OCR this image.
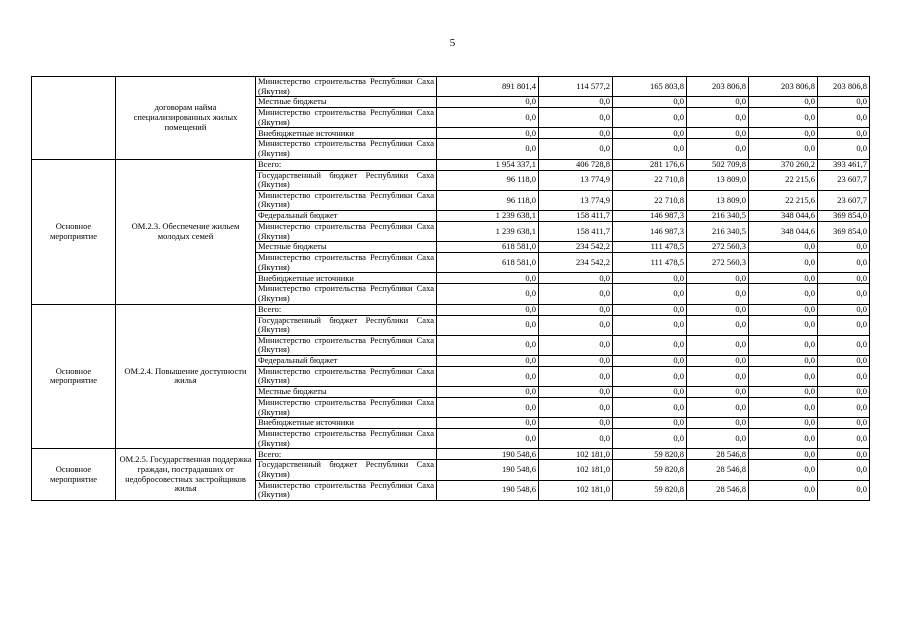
5
	договорам найма специализированных жилых помещений	Министерство строительства Республики Саха (Якутия)	891 801,4	114 577,2	165 803,8	203 806,8	203 806,8	203 806,8
		Местные бюджеты	0,0	0,0	0,0	0,0	0,0	0,0
		Министерство строительства Республики Саха (Якутия)	0,0	0,0	0,0	0,0	0,0	0,0
		Внебюджетные источники	0,0	0,0	0,0	0,0	0,0	0,0
		Министерство строительства Республики Саха (Якутия)	0,0	0,0	0,0	0,0	0,0	0,0
Основное мероприятие	ОМ.2.3. Обеспечение жильем молодых семей	Всего:	1 954 337,1	406 728,8	281 176,6	502 709,8	370 260,2	393 461,7
		Государственный бюджет Республики Саха (Якутия)	96 118,0	13 774,9	22 710,8	13 809,0	22 215,6	23 607,7
		Министерство строительства Республики Саха (Якутия)	96 118,0	13 774,9	22 710,8	13 809,0	22 215,6	23 607,7
		Федеральный бюджет	1 239 638,1	158 411,7	146 987,3	216 340,5	348 044,6	369 854,0
		Министерство строительства Республики Саха (Якутия)	1 239 638,1	158 411,7	146 987,3	216 340,5	348 044,6	369 854,0
		Местные бюджеты	618 581,0	234 542,2	111 478,5	272 560,3	0,0	0,0
		Министерство строительства Республики Саха (Якутия)	618 581,0	234 542,2	111 478,5	272 560,3	0,0	0,0
		Внебюджетные источники	0,0	0,0	0,0	0,0	0,0	0,0
		Министерство строительства Республики Саха (Якутия)	0,0	0,0	0,0	0,0	0,0	0,0
Основное мероприятие	ОМ.2.4. Повышение доступности жилья	Всего:	0,0	0,0	0,0	0,0	0,0	0,0
		Государственный бюджет Республики Саха (Якутия)	0,0	0,0	0,0	0,0	0,0	0,0
		Министерство строительства Республики Саха (Якутия)	0,0	0,0	0,0	0,0	0,0	0,0
		Федеральный бюджет	0,0	0,0	0,0	0,0	0,0	0,0
		Министерство строительства Республики Саха (Якутия)	0,0	0,0	0,0	0,0	0,0	0,0
		Местные бюджеты	0,0	0,0	0,0	0,0	0,0	0,0
		Министерство строительства Республики Саха (Якутия)	0,0	0,0	0,0	0,0	0,0	0,0
		Внебюджетные источники	0,0	0,0	0,0	0,0	0,0	0,0
		Министерство строительства Республики Саха (Якутия)	0,0	0,0	0,0	0,0	0,0	0,0
Основное мероприятие	ОМ.2.5. Государственная поддержка граждан, пострадавших от недобросовестных застройщиков жилья	Всего:	190 548,6	102 181,0	59 820,8	28 546,8	0,0	0,0
		Государственный бюджет Республики Саха (Якутия)	190 548,6	102 181,0	59 820,8	28 546,8	0,0	0,0
		Министерство строительства Республики Саха (Якутия)	190 548,6	102 181,0	59 820,8	28 546,8	0,0	0,0
